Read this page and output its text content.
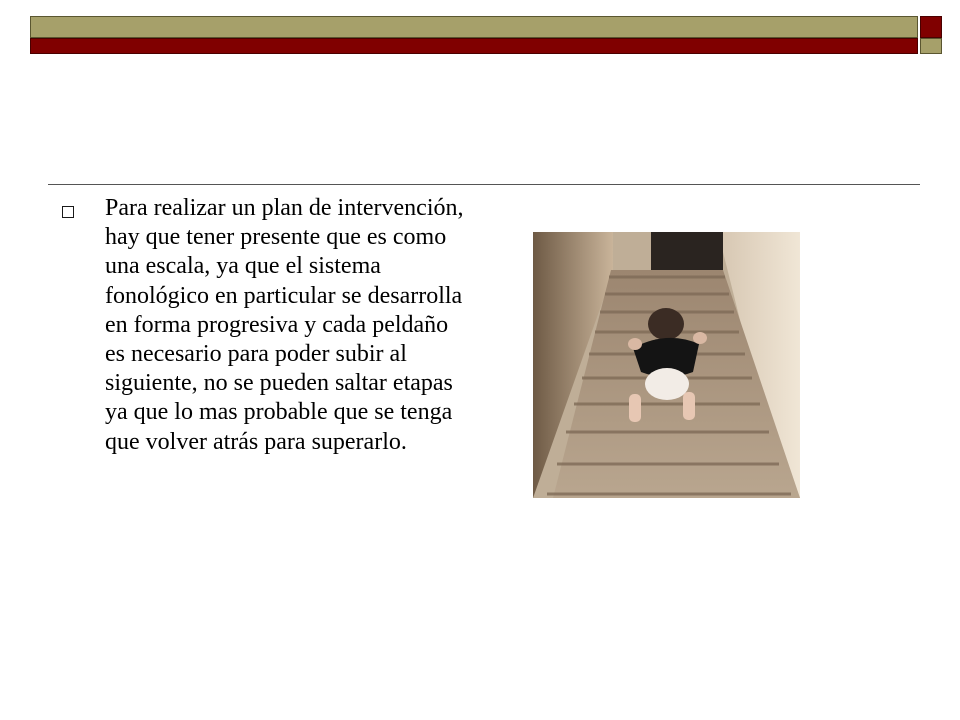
Para realizar un plan de intervención, hay que tener presente que es como una escala, ya que el sistema fonológico en particular se desarrolla en forma progresiva y cada peldaño es necesario para poder subir al siguiente, no se pueden saltar etapas ya que lo mas probable que se tenga que volver atrás para superarlo.
